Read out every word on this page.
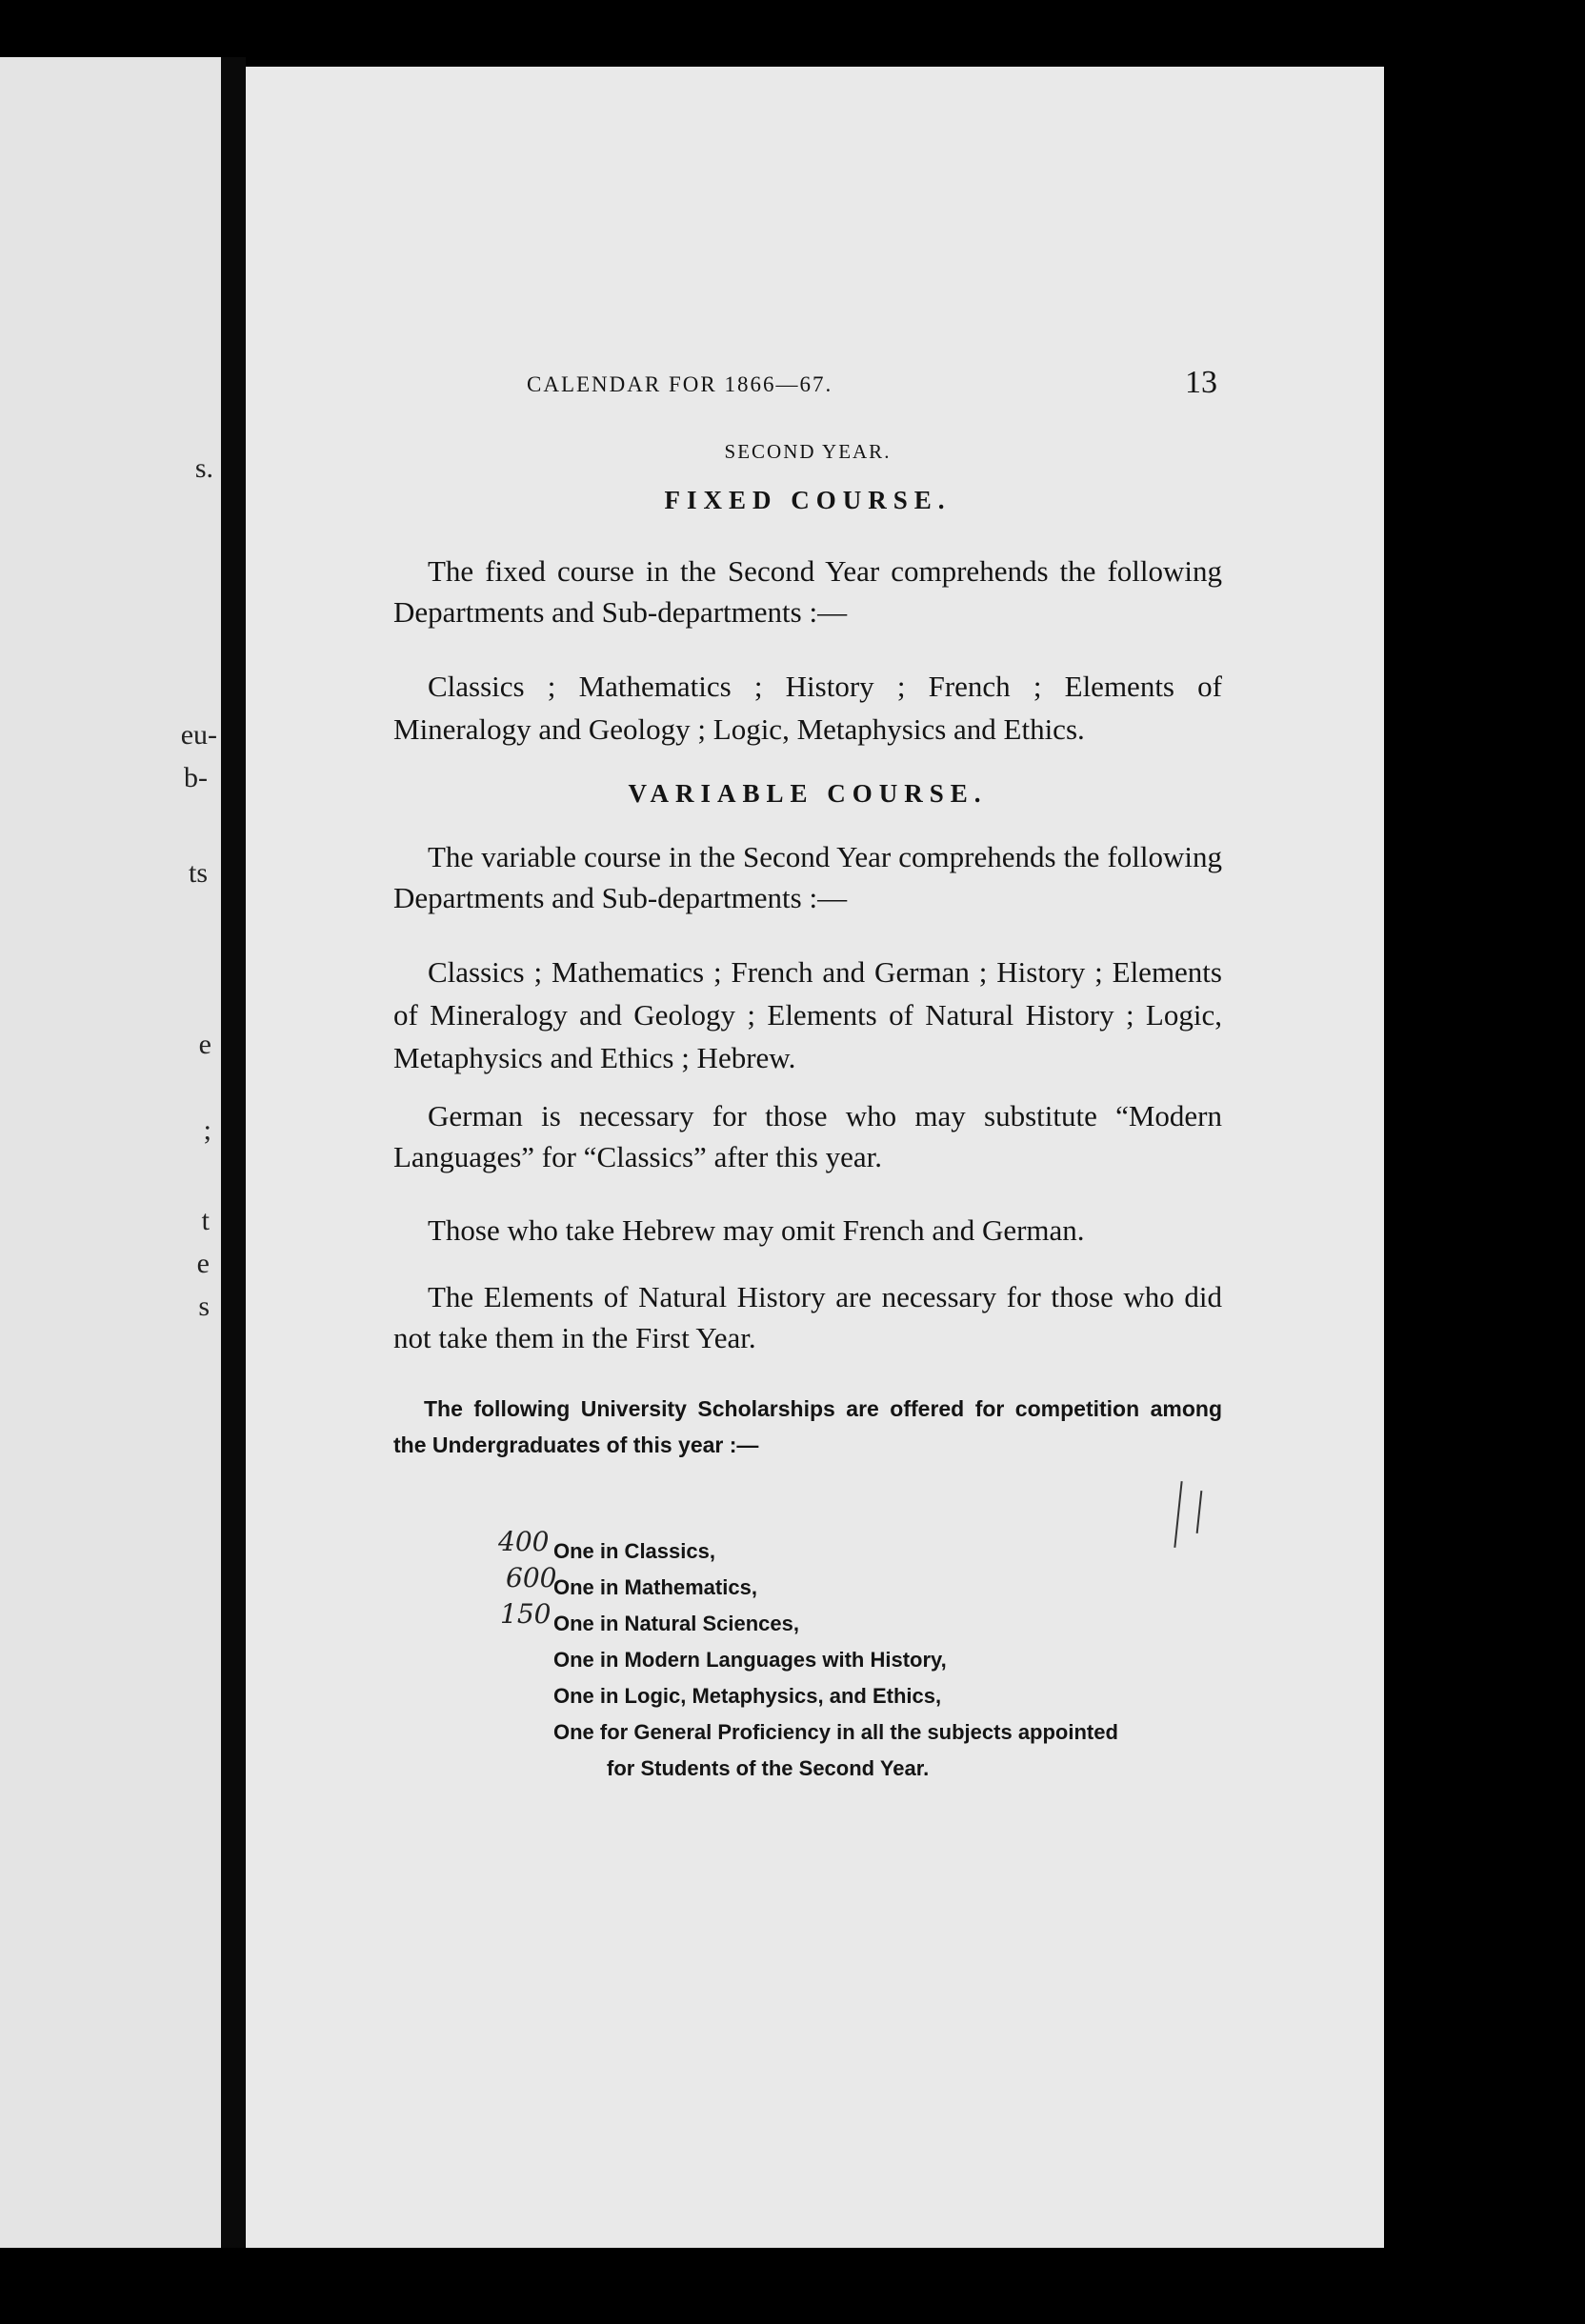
s.
eu-
b-
ts
e
;
t
e
s
CALENDAR FOR 1866—67.	13
SECOND YEAR.
FIXED COURSE.

The fixed course in the Second Year comprehends the following Departments and Sub-departments :—

Classics ; Mathematics ; History ; French ; Elements of Mineralogy and Geology ; Logic, Metaphysics and Ethics.

VARIABLE COURSE.

The variable course in the Second Year comprehends the following Departments and Sub-departments :—

Classics ; Mathematics ; French and German ; History ; Elements of Mineralogy and Geology ; Elements of Natural History ; Logic, Metaphysics and Ethics ; Hebrew.

German is necessary for those who may substitute “Modern Languages” for “Classics” after this year.

Those who take Hebrew may omit French and German.

The Elements of Natural History are necessary for those who did not take them in the First Year.

The following University Scholarships are offered for competition among the Undergraduates of this year :—

One in Classics,
One in Mathematics,
One in Natural Sciences,
One in Modern Languages with History,
One in Logic, Metaphysics, and Ethics,
One for General Proficiency in all the subjects appointed
for Students of the Second Year.
400
600
150
